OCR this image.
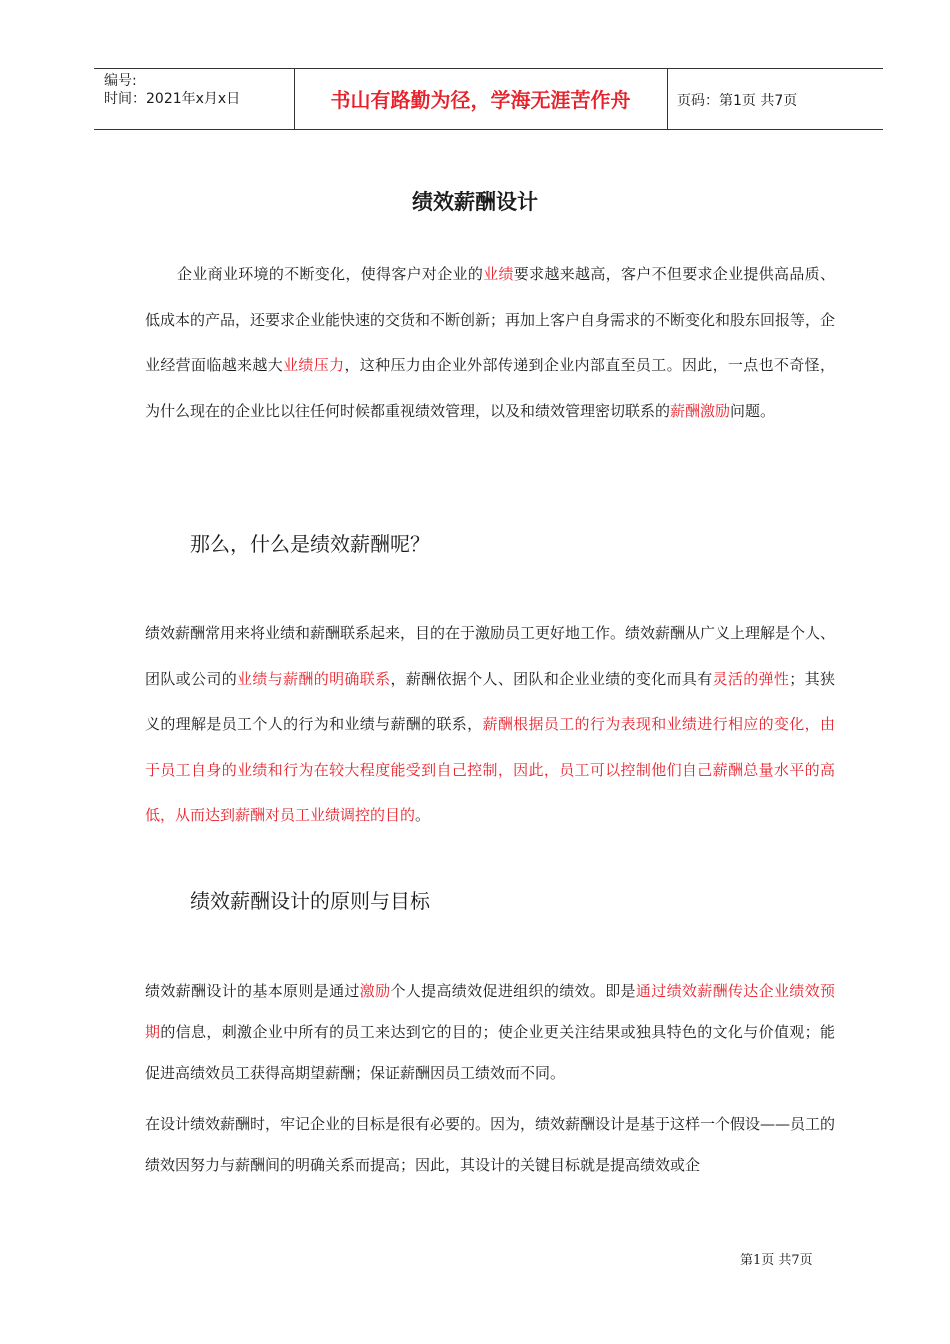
编号:
时间：2021年x月x日	书山有路勤为径，学海无涯苦作舟	页码：第1页 共7页
绩效薪酬设计

企业商业环境的不断变化，使得客户对企业的业绩要求越来越高，客户不但要求企业提供高品质、低成本的产品，还要求企业能快速的交货和不断创新；再加上客户自身需求的不断变化和股东回报等，企业经营面临越来越大业绩压力，这种压力由企业外部传递到企业内部直至员工。因此，一点也不奇怪，为什么现在的企业比以往任何时候都重视绩效管理，以及和绩效管理密切联系的薪酬激励问题。

那么，什么是绩效薪酬呢？

绩效薪酬常用来将业绩和薪酬联系起来，目的在于激励员工更好地工作。绩效薪酬从广义上理解是个人、团队或公司的业绩与薪酬的明确联系，薪酬依据个人、团队和企业业绩的变化而具有灵活的弹性；其狭义的理解是员工个人的行为和业绩与薪酬的联系，薪酬根据员工的行为表现和业绩进行相应的变化，由于员工自身的业绩和行为在较大程度能受到自己控制，因此，员工可以控制他们自己薪酬总量水平的高低，从而达到薪酬对员工业绩调控的目的。

绩效薪酬设计的原则与目标

绩效薪酬设计的基本原则是通过激励个人提高绩效促进组织的绩效。即是通过绩效薪酬传达企业绩效预期的信息，刺激企业中所有的员工来达到它的目的；使企业更关注结果或独具特色的文化与价值观；能促进高绩效员工获得高期望薪酬；保证薪酬因员工绩效而不同。

在设计绩效薪酬时，牢记企业的目标是很有必要的。因为，绩效薪酬设计是基于这样一个假设——员工的绩效因努力与薪酬间的明确关系而提高；因此，其设计的关键目标就是提高绩效或企

第1页 共7页
